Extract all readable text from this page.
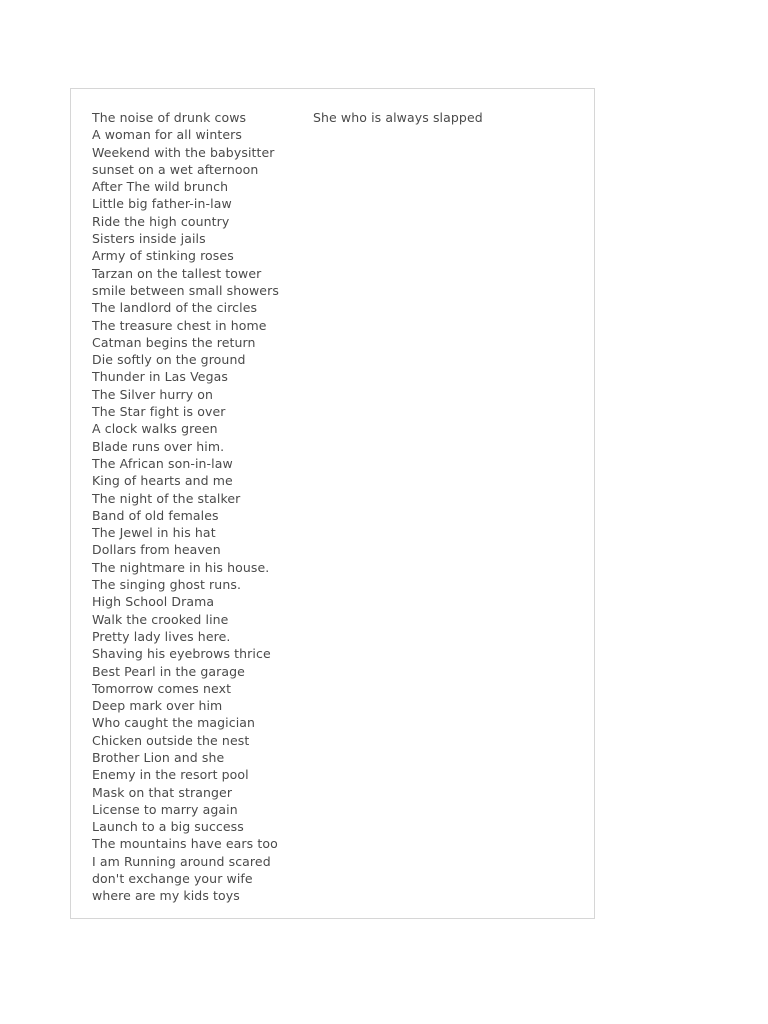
The noise of drunk cows
A woman for all winters
Weekend with the babysitter
sunset on a wet afternoon
After The wild brunch
Little big father-in-law
Ride the high country
Sisters inside jails
Army of stinking roses
Tarzan on the tallest tower
smile between small showers
The landlord of the circles
The treasure chest in home
Catman begins the return
Die softly on the ground
Thunder in Las Vegas
The Silver hurry on
The Star fight is over
A clock walks green
Blade runs over him.
The African son-in-law
King of hearts and me
The night of the stalker
Band of old females
The Jewel in his hat
Dollars from heaven
The nightmare in his house.
The singing ghost runs.
High School Drama
Walk the crooked line
Pretty lady lives here.
Shaving his eyebrows thrice
Best Pearl in the garage
Tomorrow comes next
Deep mark over him
Who caught the magician
Chicken outside the nest
Brother Lion and she
Enemy in the resort pool
Mask on that stranger
License to marry again
Launch to a big success
The mountains have ears too
I am Running around scared
don't exchange your wife
where are my kids toys
She who is always slapped
